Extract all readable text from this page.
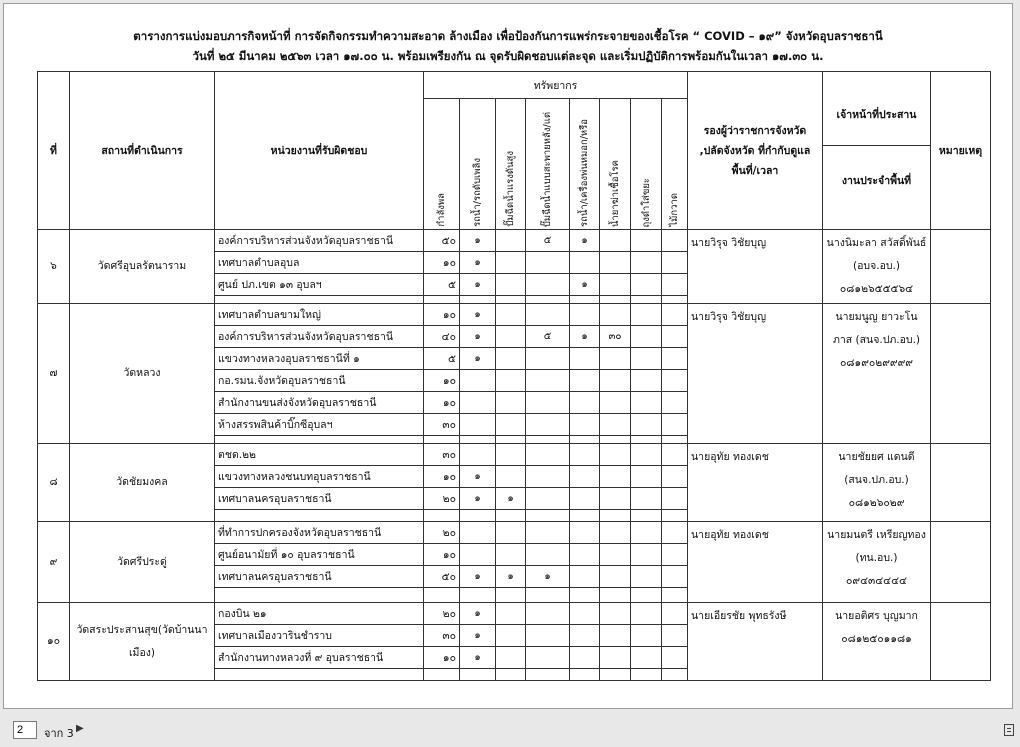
ตารางการแบ่งมอบภารกิจหน้าที่ การจัดกิจกรรมทำความสะอาด ล้างเมือง เพื่อป้องกันการแพร่กระจายของเชื้อโรค “ COVID – ๑๙” จังหวัดอุบลราชธานี
วันที่ ๒๕ มีนาคม ๒๕๖๓ เวลา ๑๗.๐๐ น. พร้อมเพรียงกัน ณ จุดรับผิดชอบแต่ละจุด และเริ่มปฏิบัติการพร้อมกันในเวลา ๑๗.๓๐ น.
ที่	สถานที่ดำเนินการ	หน่วยงานที่รับผิดชอบ	ทรัพยากร								รองผู้ว่าราชการจังหวัด ,ปลัดจังหวัด ที่กำกับดูแลพื้นที่/เวลา	เจ้าหน้าที่ประสาน
งานประจำพื้นที่	หมายเหตุ

			กำลังพล	รถน้ำ/รถดับเพลิง	ปั๊มฉีดน้ำแรงดันสูง	ปั๊มฉีดน้ำแบบสะพายหลัง/แต่	รถน้ำ/เครื่องพ่นหมอก/หรือ	น้ำยาฆ่าเชื้อโรค	ถุงดำใส่ขยะ	ไม้กวาด			

๖	วัดศรีอุบลรัตนาราม	องค์การบริหารส่วนจังหวัดอุบลราชธานี	๕๐	๑		๕	๑				นายวิรุจ วิชัยบุญ	นางนิมะลา สวัสดิ์พันธ์ (อบจ.อบ.) ๐๘๑๒๖๕๕๕๖๔	
		เทศบาลตำบลอุบล	๑๐	๑									
		ศูนย์ ปภ.เขต ๑๓ อุบลฯ	๕	๑			๑						

๗	วัดหลวง	เทศบาลตำบลขามใหญ่	๑๐	๑							นายวิรุจ วิชัยบุญ	นายมนูญ ยาวะโนภาส (สนจ.ปภ.อบ.) ๐๘๑๙๐๒๙๙๙๙	
		องค์การบริหารส่วนจังหวัดอุบลราชธานี	๔๐	๑		๕	๑	๓๐					
		แขวงทางหลวงอุบลราชธานีที่ ๑	๕	๑									
		กอ.รมน.จังหวัดอุบลราชธานี	๑๐										
		สำนักงานขนส่งจังหวัดอุบลราชธานี	๑๐										
		ห้างสรรพสินค้าบิ๊กซีอุบลฯ	๓๐										

๘	วัดชัยมงคล	ตชด.๒๒	๓๐								นายอุทัย ทองเดช	นายชัยยศ แดนดี (สนจ.ปภ.อบ.) ๐๘๑๒๖๐๒๙	
		แขวงทางหลวงชนบทอุบลราชธานี	๑๐	๑									
		เทศบาลนครอุบลราชธานี	๒๐	๑	๑								

๙	วัดศรีประดู่	ที่ทำการปกครองจังหวัดอุบลราชธานี	๒๐								นายอุทัย ทองเดช	นายมนตรี เหรียญทอง (ทน.อบ.) ๐๙๔๓๔๔๔๔	
		ศูนย์อนามัยที่ ๑๐ อุบลราชธานี	๑๐										
		เทศบาลนครอุบลราชธานี	๕๐	๑	๑	๑							

๑๐	วัดสระประสานสุข(วัดบ้านนาเมือง)	กองบิน ๒๑	๒๐	๑							นายเอียรชัย พุทธรังษี	นายอติศร บุญมาก ๐๘๑๒๕๐๑๑๘๑	
		เทศบาลเมืองวารินชำราบ	๓๐	๑									
		สำนักงานทางหลวงที่ ๙ อุบลราชธานี	๑๐	๑									

2
จาก 3 ▶
